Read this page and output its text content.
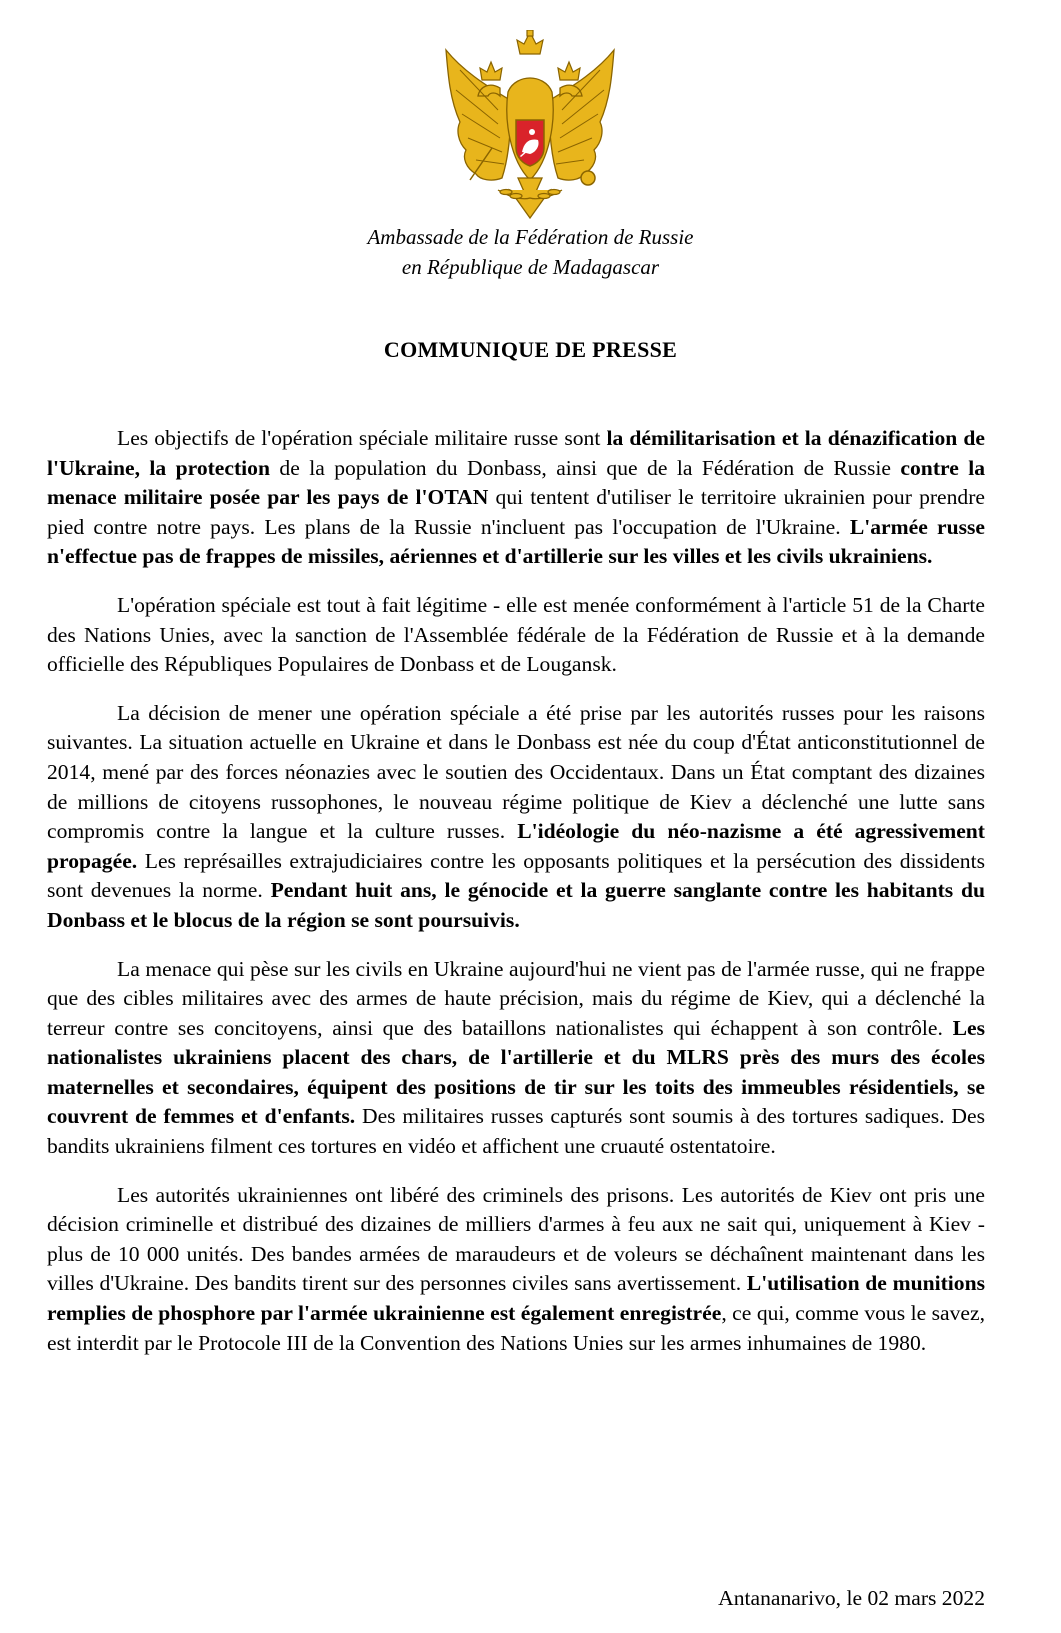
Ambassade de la Fédération de Russie
en République de Madagascar
COMMUNIQUE DE PRESSE

Les objectifs de l'opération spéciale militaire russe sont la démilitarisation et la dénazification de l'Ukraine, la protection de la population du Donbass, ainsi que de la Fédération de Russie contre la menace militaire posée par les pays de l'OTAN qui tentent d'utiliser le territoire ukrainien pour prendre pied contre notre pays. Les plans de la Russie n'incluent pas l'occupation de l'Ukraine. L'armée russe n'effectue pas de frappes de missiles, aériennes et d'artillerie sur les villes et les civils ukrainiens.

L'opération spéciale est tout à fait légitime - elle est menée conformément à l'article 51 de la Charte des Nations Unies, avec la sanction de l'Assemblée fédérale de la Fédération de Russie et à la demande officielle des Républiques Populaires de Donbass et de Lougansk.

La décision de mener une opération spéciale a été prise par les autorités russes pour les raisons suivantes. La situation actuelle en Ukraine et dans le Donbass est née du coup d'État anticonstitutionnel de 2014, mené par des forces néonazies avec le soutien des Occidentaux. Dans un État comptant des dizaines de millions de citoyens russophones, le nouveau régime politique de Kiev a déclenché une lutte sans compromis contre la langue et la culture russes. L'idéologie du néo-nazisme a été agressivement propagée. Les représailles extrajudiciaires contre les opposants politiques et la persécution des dissidents sont devenues la norme. Pendant huit ans, le génocide et la guerre sanglante contre les habitants du Donbass et le blocus de la région se sont poursuivis.

La menace qui pèse sur les civils en Ukraine aujourd'hui ne vient pas de l'armée russe, qui ne frappe que des cibles militaires avec des armes de haute précision, mais du régime de Kiev, qui a déclenché la terreur contre ses concitoyens, ainsi que des bataillons nationalistes qui échappent à son contrôle. Les nationalistes ukrainiens placent des chars, de l'artillerie et du MLRS près des murs des écoles maternelles et secondaires, équipent des positions de tir sur les toits des immeubles résidentiels, se couvrent de femmes et d'enfants. Des militaires russes capturés sont soumis à des tortures sadiques. Des bandits ukrainiens filment ces tortures en vidéo et affichent une cruauté ostentatoire.

Les autorités ukrainiennes ont libéré des criminels des prisons. Les autorités de Kiev ont pris une décision criminelle et distribué des dizaines de milliers d'armes à feu aux ne sait qui, uniquement à Kiev - plus de 10 000 unités. Des bandes armées de maraudeurs et de voleurs se déchaînent maintenant dans les villes d'Ukraine. Des bandits tirent sur des personnes civiles sans avertissement. L'utilisation de munitions remplies de phosphore par l'armée ukrainienne est également enregistrée, ce qui, comme vous le savez, est interdit par le Protocole III de la Convention des Nations Unies sur les armes inhumaines de 1980.

Antananarivo, le 02 mars 2022
